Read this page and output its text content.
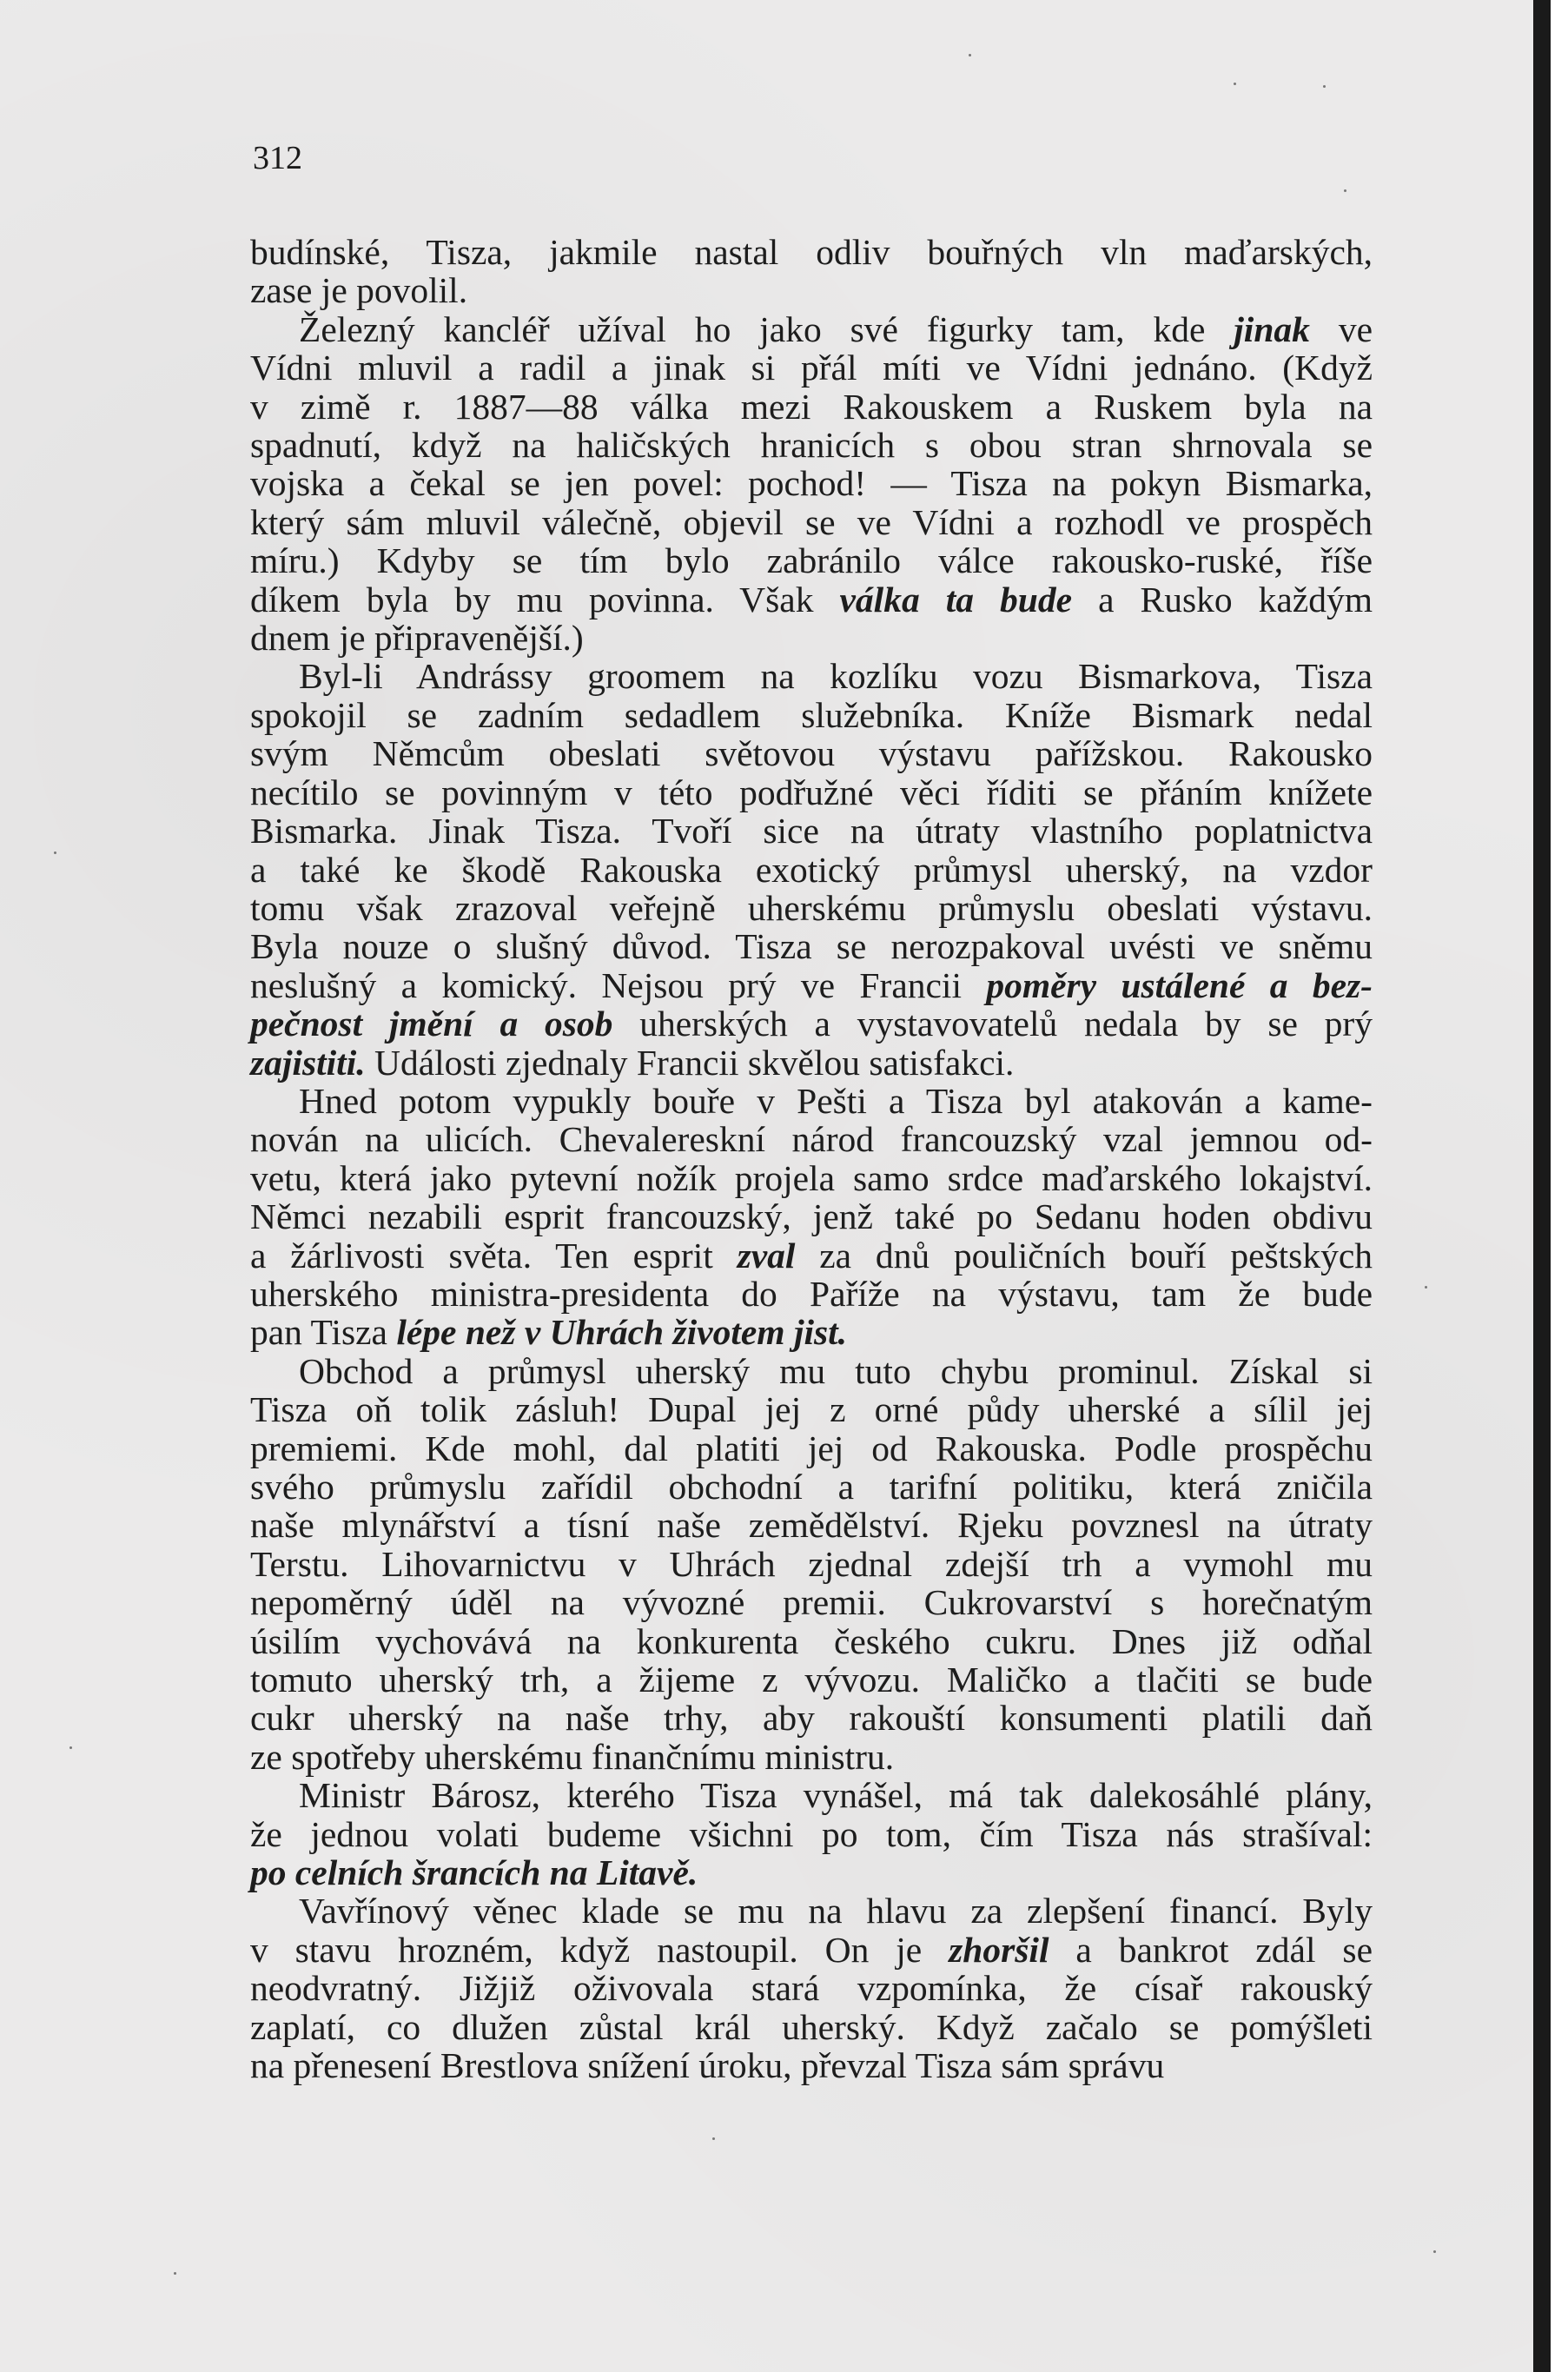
312
budínské, Tisza, jakmile nastal odliv bouřných vln maďarských,
zase je povolil.
Železný kancléř užíval ho jako své figurky tam, kde jinak ve
Vídni mluvil a radil a jinak si přál míti ve Vídni jednáno. (Když
v zimě r. 1887—88 válka mezi Rakouskem a Ruskem byla na
spadnutí, když na haličských hranicích s obou stran shrnovala se
vojska a čekal se jen povel: pochod! — Tisza na pokyn Bismarka,
který sám mluvil válečně, objevil se ve Vídni a rozhodl ve prospěch
míru.) Kdyby se tím bylo zabránilo válce rakousko-ruské, říše
díkem byla by mu povinna. Však válka ta bude a Rusko každým
dnem je připravenější.)
Byl-li Andrássy groomem na kozlíku vozu Bismarkova, Tisza
spokojil se zadním sedadlem služebníka. Kníže Bismark nedal
svým Němcům obeslati světovou výstavu pařížskou. Rakousko
necítilo se povinným v této podřužné věci říditi se přáním knížete
Bismarka. Jinak Tisza. Tvoří sice na útraty vlastního poplatnictva
a také ke škodě Rakouska exotický průmysl uherský, na vzdor
tomu však zrazoval veřejně uherskému průmyslu obeslati výstavu.
Byla nouze o slušný důvod. Tisza se nerozpakoval uvésti ve sněmu
neslušný a komický. Nejsou prý ve Francii poměry ustálené a bez-
pečnost jmění a osob uherských a vystavovatelů nedala by se prý
zajistiti. Události zjednaly Francii skvělou satisfakci.
Hned potom vypukly bouře v Pešti a Tisza byl atakován a kame-
nován na ulicích. Chevalereskní národ francouzský vzal jemnou od-
vetu, která jako pytevní nožík projela samo srdce maďarského lokajství.
Němci nezabili esprit francouzský, jenž také po Sedanu hoden obdivu
a žárlivosti světa. Ten esprit zval za dnů pouličních bouří peštských
uherského ministra-presidenta do Paříže na výstavu, tam že bude
pan Tisza lépe než v Uhrách životem jist.
Obchod a průmysl uherský mu tuto chybu prominul. Získal si
Tisza oň tolik zásluh! Dupal jej z orné půdy uherské a sílil jej
premiemi. Kde mohl, dal platiti jej od Rakouska. Podle prospěchu
svého průmyslu zařídil obchodní a tarifní politiku, která zničila
naše mlynářství a tísní naše zemědělství. Rjeku povznesl na útraty
Terstu. Lihovarnictvu v Uhrách zjednal zdejší trh a vymohl mu
nepoměrný úděl na vývozné premii. Cukrovarství s horečnatým
úsilím vychovává na konkurenta českého cukru. Dnes již odňal
tomuto uherský trh, a žijeme z vývozu. Maličko a tlačiti se bude
cukr uherský na naše trhy, aby rakouští konsumenti platili daň
ze spotřeby uherskému finančnímu ministru.
Ministr Bárosz, kterého Tisza vynášel, má tak dalekosáhlé plány,
že jednou volati budeme všichni po tom, čím Tisza nás strašíval:
po celních šrancích na Litavě.
Vavřínový věnec klade se mu na hlavu za zlepšení financí. Byly
v stavu hrozném, když nastoupil. On je zhoršil a bankrot zdál se
neodvratný. Jižjiž oživovala stará vzpomínka, že císař rakouský
zaplatí, co dlužen zůstal král uherský. Když začalo se pomýšleti
na přenesení Brestlova snížení úroku, převzal Tisza sám správu
